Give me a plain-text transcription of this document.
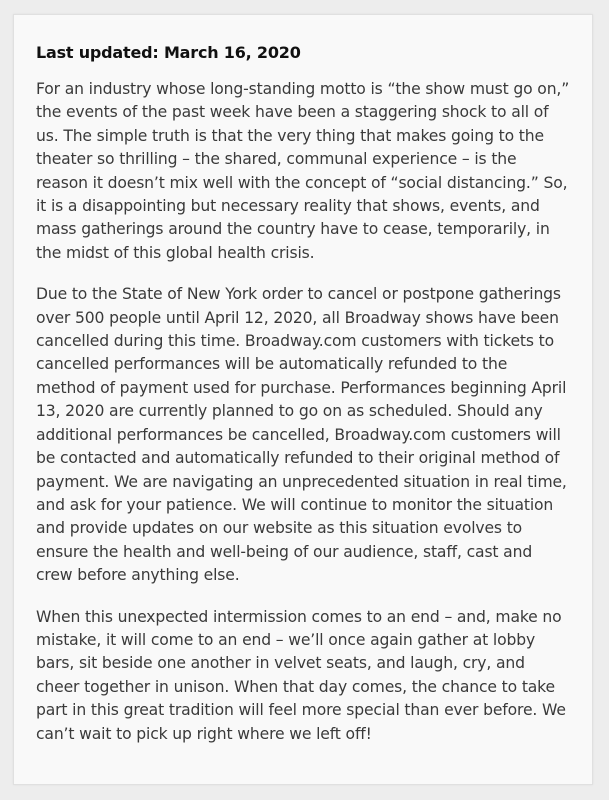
Last updated: March 16, 2020

For an industry whose long-standing motto is “the show must go on,” the events of the past week have been a staggering shock to all of us. The simple truth is that the very thing that makes going to the theater so thrilling – the shared, communal experience – is the reason it doesn’t mix well with the concept of “social distancing.” So, it is a disappointing but necessary reality that shows, events, and mass gatherings around the country have to cease, temporarily, in the midst of this global health crisis.

Due to the State of New York order to cancel or postpone gatherings over 500 people until April 12, 2020, all Broadway shows have been cancelled during this time. Broadway.com customers with tickets to cancelled performances will be automatically refunded to the method of payment used for purchase. Performances beginning April 13, 2020 are currently planned to go on as scheduled. Should any additional performances be cancelled, Broadway.com customers will be contacted and automatically refunded to their original method of payment. We are navigating an unprecedented situation in real time, and ask for your patience. We will continue to monitor the situation and provide updates on our website as this situation evolves to ensure the health and well-being of our audience, staff, cast and crew before anything else.

When this unexpected intermission comes to an end – and, make no mistake, it will come to an end – we’ll once again gather at lobby bars, sit beside one another in velvet seats, and laugh, cry, and cheer together in unison. When that day comes, the chance to take part in this great tradition will feel more special than ever before. We can’t wait to pick up right where we left off!
